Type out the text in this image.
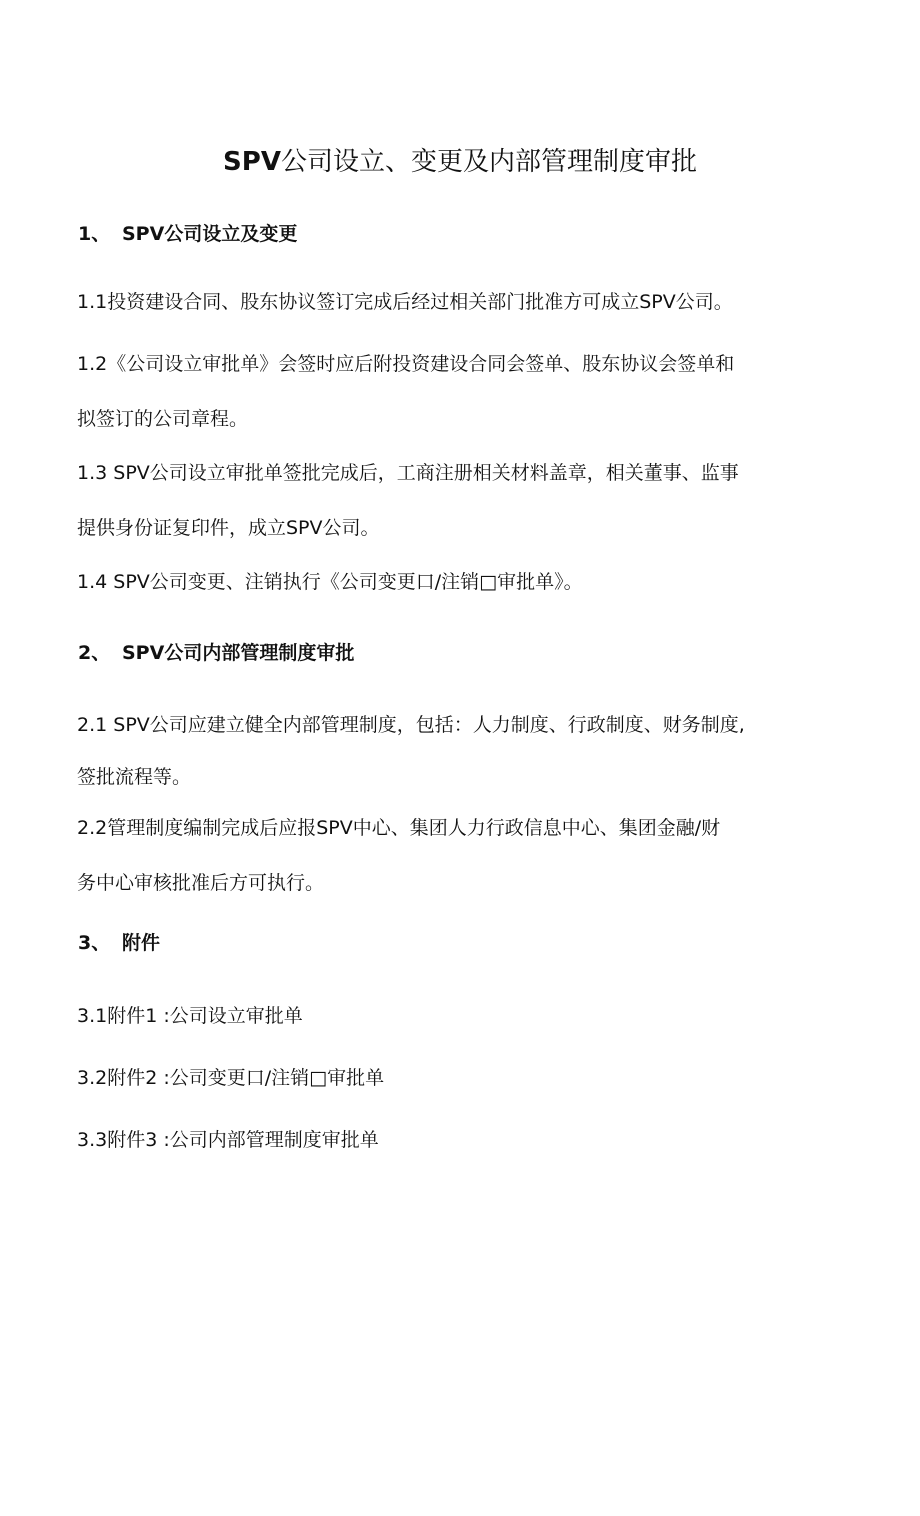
SPV公司设立、变更及内部管理制度审批
1、 SPV公司设立及变更

1.1投资建设合同、股东协议签订完成后经过相关部门批准方可成立SPV公司。

1.2《公司设立审批单》会签时应后附投资建设合同会签单、股东协议会签单和
拟签订的公司章程。

1.3 SPV公司设立审批单签批完成后，工商注册相关材料盖章，相关董事、监事
提供身份证复印件，成立SPV公司。

1.4 SPV公司变更、注销执行《公司变更口/注销□审批单》。

2、 SPV公司内部管理制度审批

2.1 SPV公司应建立健全内部管理制度，包括：人力制度、行政制度、财务制度,
签批流程等。

2.2管理制度编制完成后应报SPV中心、集团人力行政信息中心、集团金融/财
务中心审核批准后方可执行。

3、 附件

3.1附件1 :公司设立审批单

3.2附件2 :公司变更口/注销□审批单

3.3附件3 :公司内部管理制度审批单
